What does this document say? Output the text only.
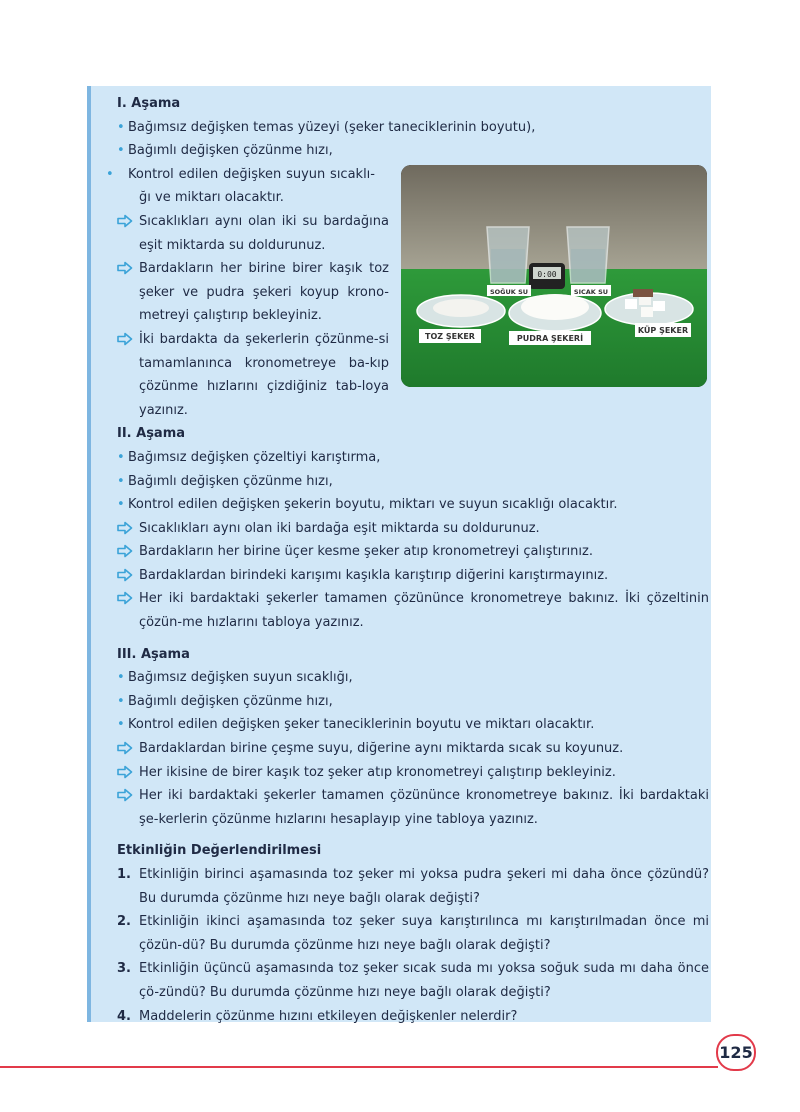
0:00
SOĞUK SU	SICAK SU
TOZ ŞEKER	PUDRA ŞEKERİ
KÜP ŞEKER

I. Aşama

• Bağımsız değişken temas yüzeyi (şeker taneciklerinin boyutu),

• Bağımlı değişken çözünme hızı,

• Kontrol edilen değişken suyun sıcaklı-ğı ve miktarı olacaktır.

Sıcaklıkları aynı olan iki su bardağına eşit miktarda su doldurunuz.

Bardakların her birine birer kaşık toz şeker ve pudra şekeri koyup krono-metreyi çalıştırıp bekleyiniz.

İki bardakta da şekerlerin çözünme-si tamamlanınca kronometreye ba-kıp çözünme hızlarını çizdiğiniz tab-loya yazınız.

II. Aşama

• Bağımsız değişken çözeltiyi karıştırma,

• Bağımlı değişken çözünme hızı,

• Kontrol edilen değişken şekerin boyutu, miktarı ve suyun sıcaklığı olacaktır.

Sıcaklıkları aynı olan iki bardağa eşit miktarda su doldurunuz.

Bardakların her birine üçer kesme şeker atıp kronometreyi çalıştırınız.

Bardaklardan birindeki karışımı kaşıkla karıştırıp diğerini karıştırmayınız.

Her iki bardaktaki şekerler tamamen çözününce kronometreye bakınız. İki çözeltinin çözün-me hızlarını tabloya yazınız.

III. Aşama

• Bağımsız değişken suyun sıcaklığı,

• Bağımlı değişken çözünme hızı,

• Kontrol edilen değişken şeker taneciklerinin boyutu ve miktarı olacaktır.

Bardaklardan birine çeşme suyu, diğerine aynı miktarda sıcak su koyunuz.

Her ikisine de birer kaşık toz şeker atıp kronometreyi çalıştırıp bekleyiniz.

Her iki bardaktaki şekerler tamamen çözününce kronometreye bakınız. İki bardaktaki şe-kerlerin çözünme hızlarını hesaplayıp yine tabloya yazınız.

Etkinliğin Değerlendirilmesi

1. Etkinliğin birinci aşamasında toz şeker mi yoksa pudra şekeri mi daha önce çözündü? Bu durumda çözünme hızı neye bağlı olarak değişti?

2. Etkinliğin ikinci aşamasında toz şeker suya karıştırılınca mı karıştırılmadan önce mi çözün-dü? Bu durumda çözünme hızı neye bağlı olarak değişti?

3. Etkinliğin üçüncü aşamasında toz şeker sıcak suda mı yoksa soğuk suda mı daha önce çö-zündü? Bu durumda çözünme hızı neye bağlı olarak değişti?

4. Maddelerin çözünme hızını etkileyen değişkenler nelerdir?

125
